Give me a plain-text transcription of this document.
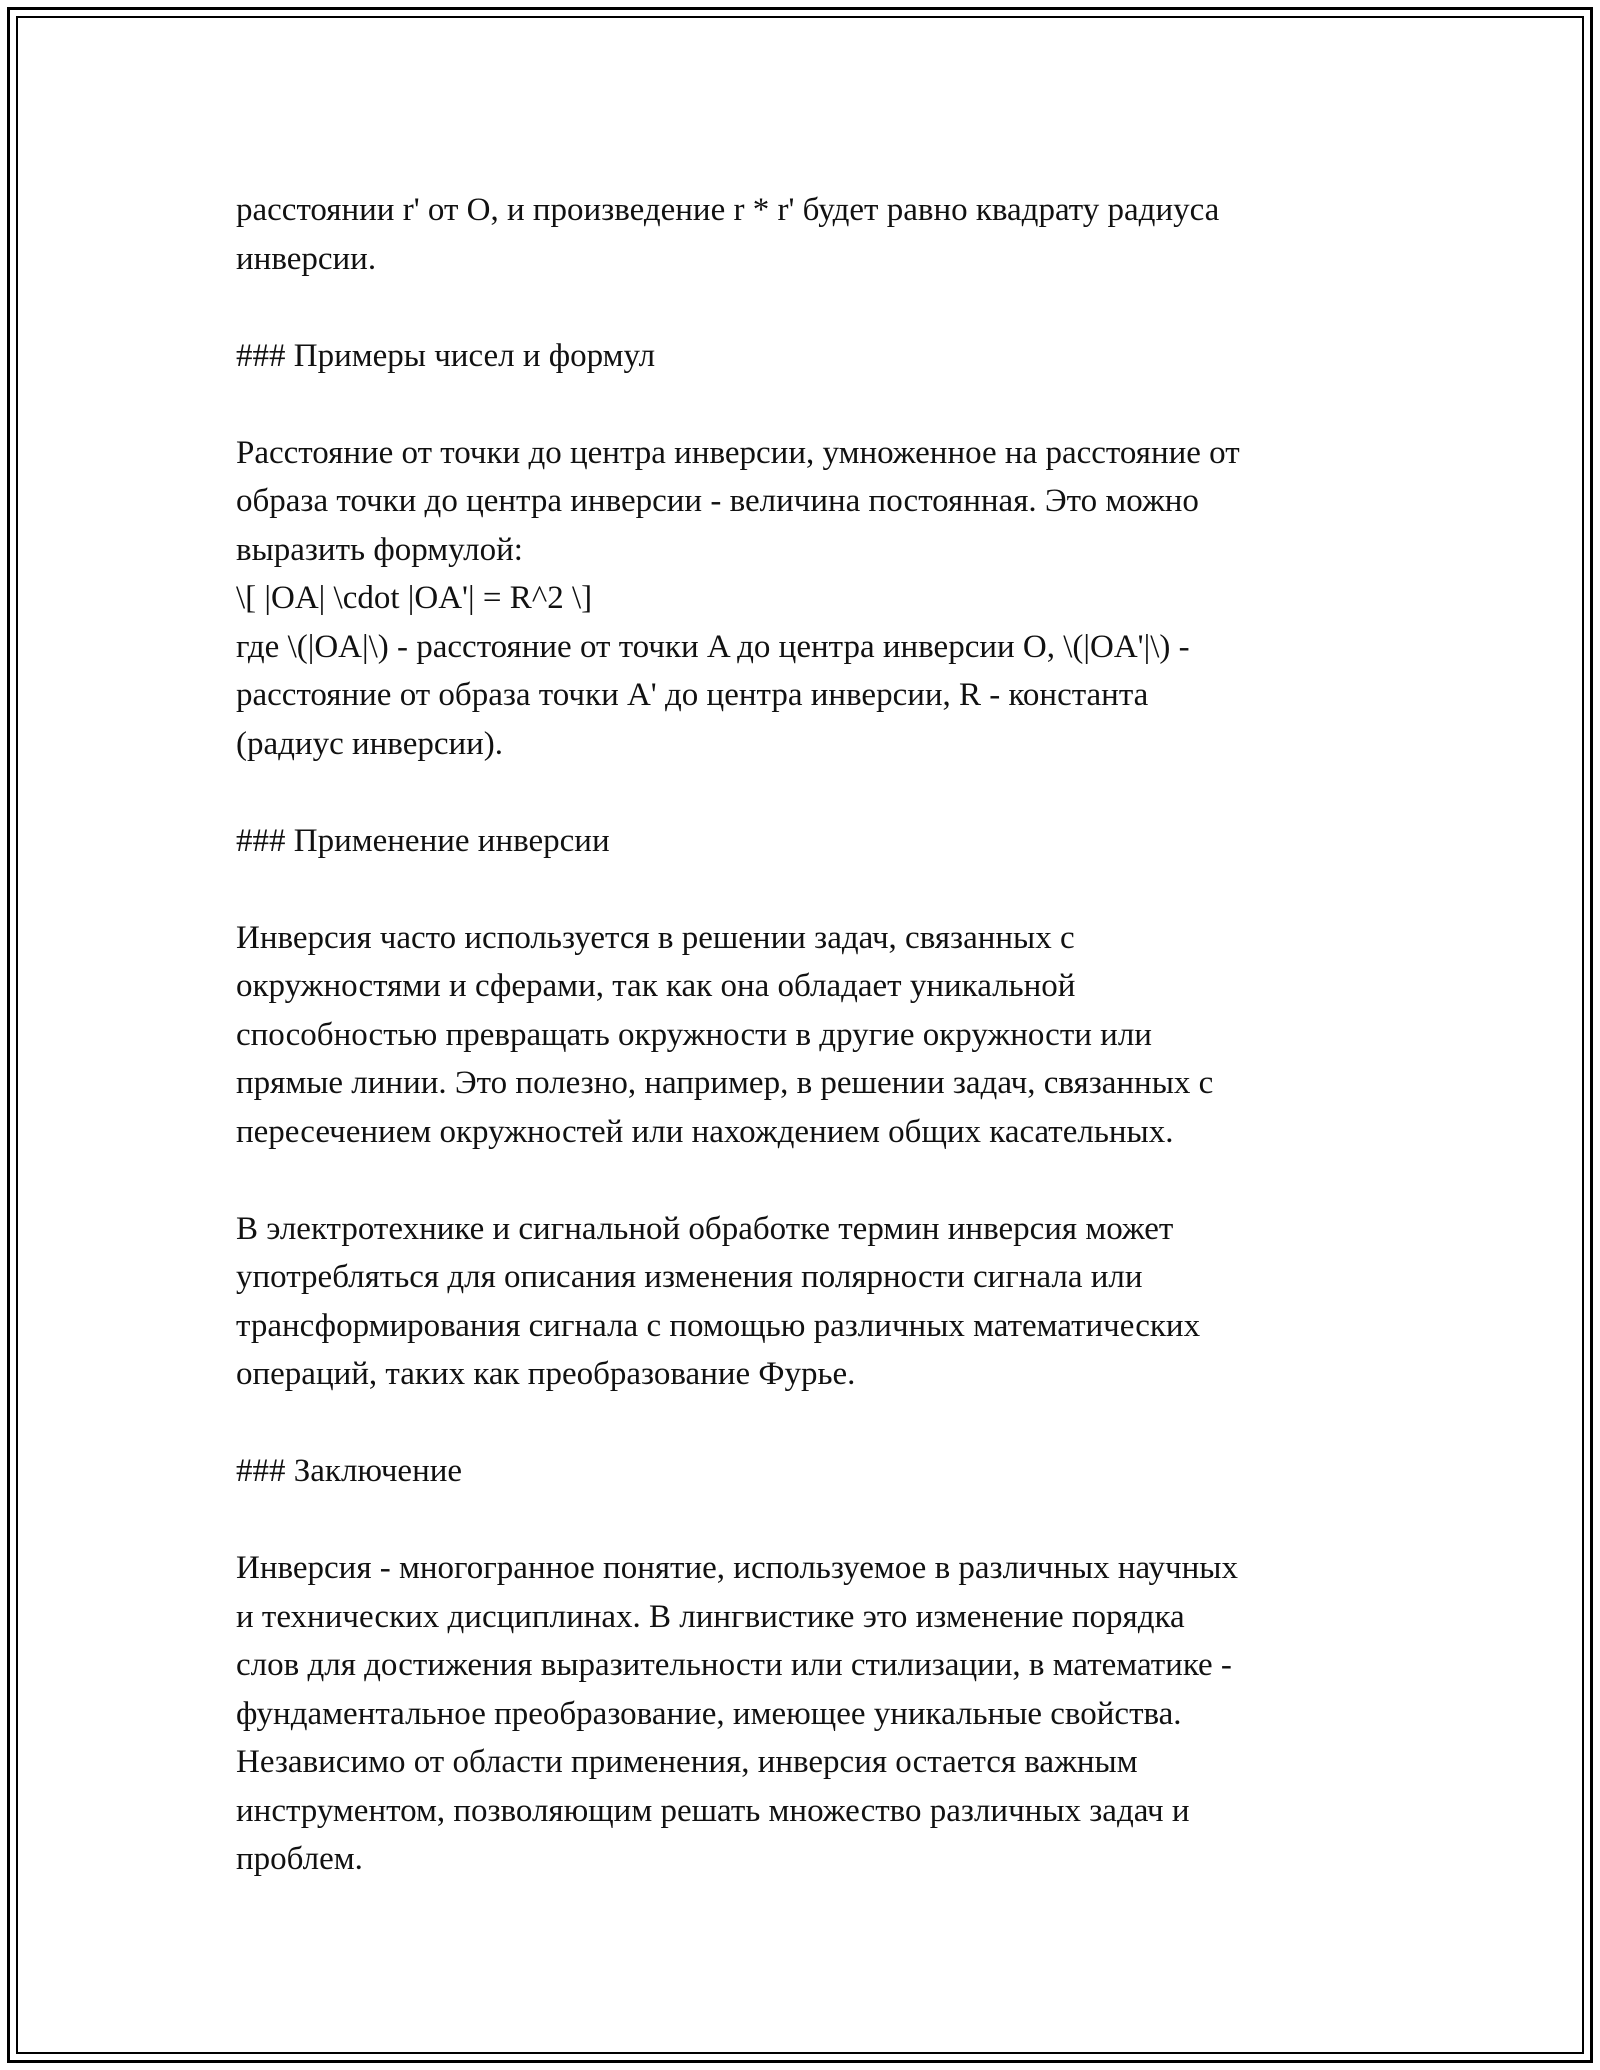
расстоянии r' от O, и произведение r * r' будет равно квадрату радиуса
инверсии.

### Примеры чисел и формул

Расстояние от точки до центра инверсии, умноженное на расстояние от
образа точки до центра инверсии - величина постоянная. Это можно
выразить формулой:
\[ |OA| \cdot |OA'| = R^2 \]
где \(|OA|\) - расстояние от точки A до центра инверсии O, \(|OA'|\) -
расстояние от образа точки A' до центра инверсии, R - константа
(радиус инверсии).

### Применение инверсии

Инверсия часто используется в решении задач, связанных с
окружностями и сферами, так как она обладает уникальной
способностью превращать окружности в другие окружности или
прямые линии. Это полезно, например, в решении задач, связанных с
пересечением окружностей или нахождением общих касательных.

В электротехнике и сигнальной обработке термин инверсия может
употребляться для описания изменения полярности сигнала или
трансформирования сигнала с помощью различных математических
операций, таких как преобразование Фурье.

### Заключение

Инверсия - многогранное понятие, используемое в различных научных
и технических дисциплинах. В лингвистике это изменение порядка
слов для достижения выразительности или стилизации, в математике -
фундаментальное преобразование, имеющее уникальные свойства.
Независимо от области применения, инверсия остается важным
инструментом, позволяющим решать множество различных задач и
проблем.
